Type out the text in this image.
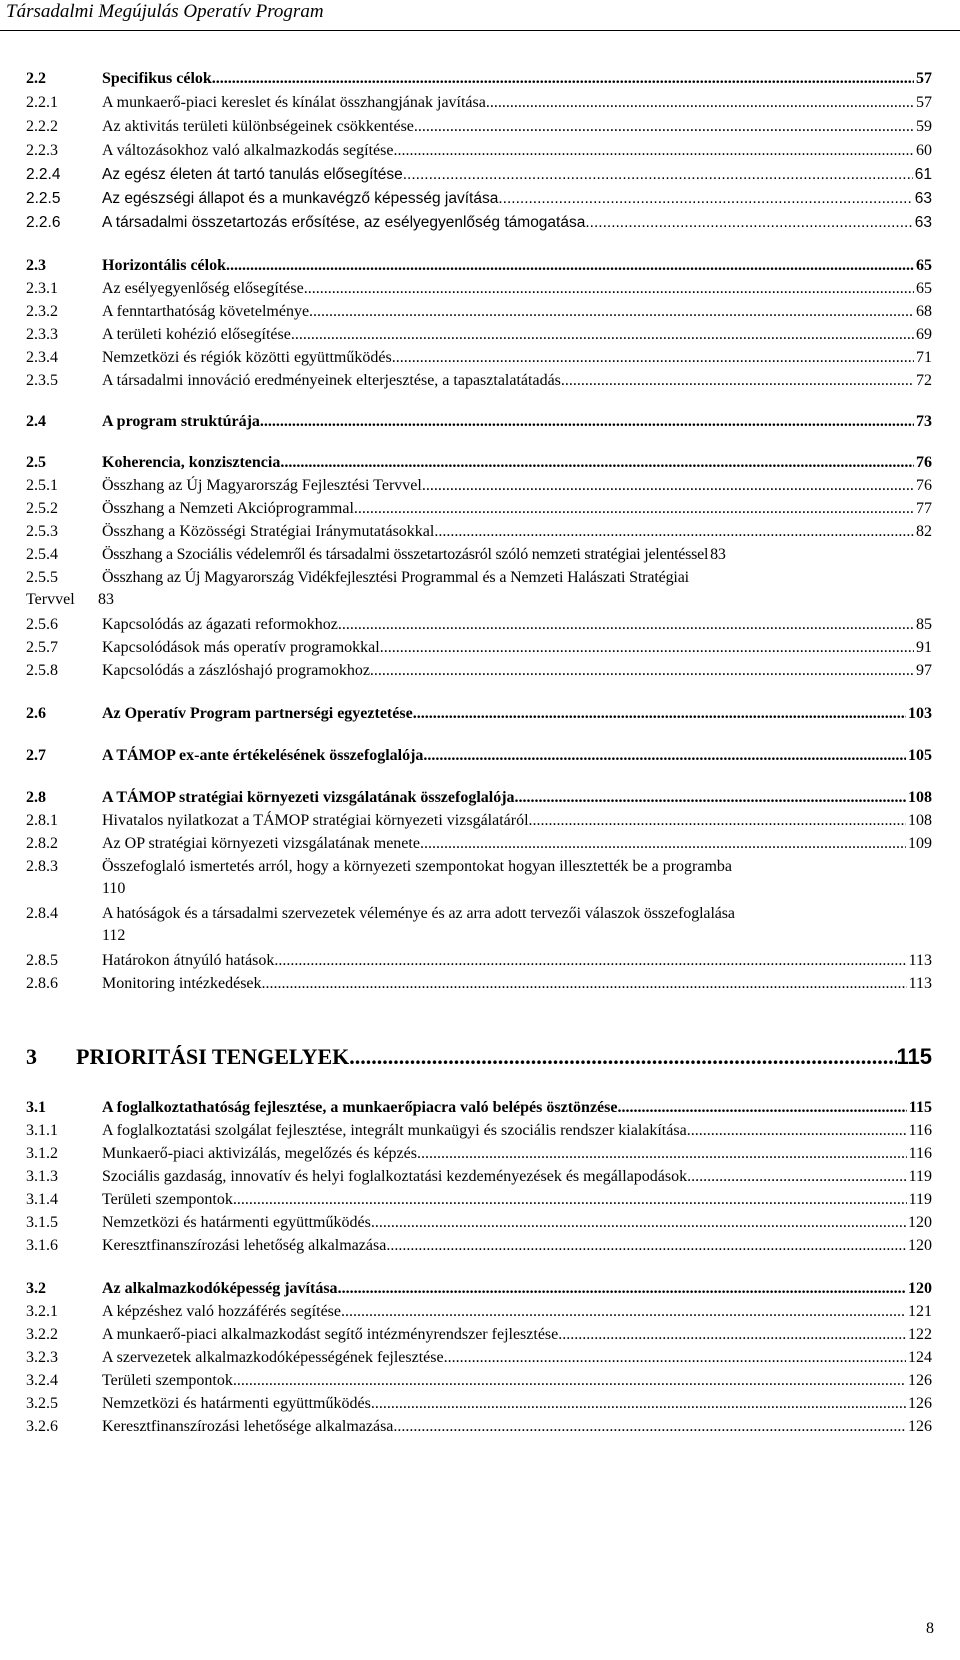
Társadalmi Megújulás Operatív Program
2.2	Specifikus célok .....	57
2.2.1	A munkaerő-piaci kereslet és kínálat összhangjának javítása .....	57
2.2.2	Az aktivitás területi különbségeinek csökkentése .....	59
2.2.3	A változásokhoz való alkalmazkodás segítése .....	60
2.2.4	Az egész életen át tartó tanulás elősegítése .....	61
2.2.5	Az egészségi állapot és a munkavégző képesség javítása .....	63
2.2.6	A társadalmi összetartozás erősítése, az esélyegyenlőség támogatása .....	63
2.3	Horizontális célok .....	65
2.3.1	Az esélyegyenlőség elősegítése .....	65
2.3.2	A fenntarthatóság követelménye .....	68
2.3.3	A területi kohézió elősegítése .....	69
2.3.4	Nemzetközi és régiók közötti együttműködés .....	71
2.3.5	A társadalmi innováció eredményeinek elterjesztése, a tapasztalatátadás .....	72
2.4	A program struktúrája .....	73
2.5	Koherencia, konzisztencia .....	76
2.5.1	Összhang az Új Magyarország Fejlesztési Tervvel .....	76
2.5.2	Összhang a Nemzeti Akcióprogrammal .....	77
2.5.3	Összhang a Közösségi Stratégiai Iránymutatásokkal .....	82
2.5.4	Összhang a Szociális védelemről és társadalmi összetartozásról szóló nemzeti stratégiai jelentéssel 83
2.5.5	Összhang az Új Magyarország Vidékfejlesztési Programmal és a Nemzeti Halászati Stratégiai
Tervvel 83
2.5.6	Kapcsolódás az ágazati reformokhoz .....	85
2.5.7	Kapcsolódások más operatív programokkal .....	91
2.5.8	Kapcsolódás a zászlóshajó programokhoz .....	97
2.6	Az Operatív Program partnerségi egyeztetése .....	103
2.7	A TÁMOP ex-ante értékelésének összefoglalója .....	105
2.8	A TÁMOP stratégiai környezeti vizsgálatának összefoglalója .....	108
2.8.1	Hivatalos nyilatkozat a TÁMOP stratégiai környezeti vizsgálatáról .....	108
2.8.2	Az OP stratégiai környezeti vizsgálatának menete .....	109
2.8.3	Összefoglaló ismertetés arról, hogy a környezeti szempontokat hogyan illesztették be a programba
110
2.8.4	A hatóságok és a társadalmi szervezetek véleménye és az arra adott tervezői válaszok összefoglalása
112
2.8.5	Határokon átnyúló hatások .....	113
2.8.6	Monitoring intézkedések .....	113
3 PRIORITÁSI TENGELYEK .....	115
3.1	A foglalkoztathatóság fejlesztése, a munkaerőpiacra való belépés ösztönzése .....	115
3.1.1	A foglalkoztatási szolgálat fejlesztése, integrált munkaügyi és szociális rendszer kialakítása .....	116
3.1.2	Munkaerő-piaci aktivizálás, megelőzés és képzés .....	116
3.1.3	Szociális gazdaság, innovatív és helyi foglalkoztatási kezdeményezések és megállapodások .....	119
3.1.4	Területi szempontok .....	119
3.1.5	Nemzetközi és határmenti együttműködés .....	120
3.1.6	Keresztfinanszírozási lehetőség alkalmazása .....	120
3.2	Az alkalmazkodóképesség javítása .....	120
3.2.1	A képzéshez való hozzáférés segítése .....	121
3.2.2	A munkaerő-piaci alkalmazkodást segítő intézményrendszer fejlesztése .....	122
3.2.3	A szervezetek alkalmazkodóképességének fejlesztése .....	124
3.2.4	Területi szempontok .....	126
3.2.5	Nemzetközi és határmenti együttműködés .....	126
3.2.6	Keresztfinanszírozási lehetősége alkalmazása .....	126
8
